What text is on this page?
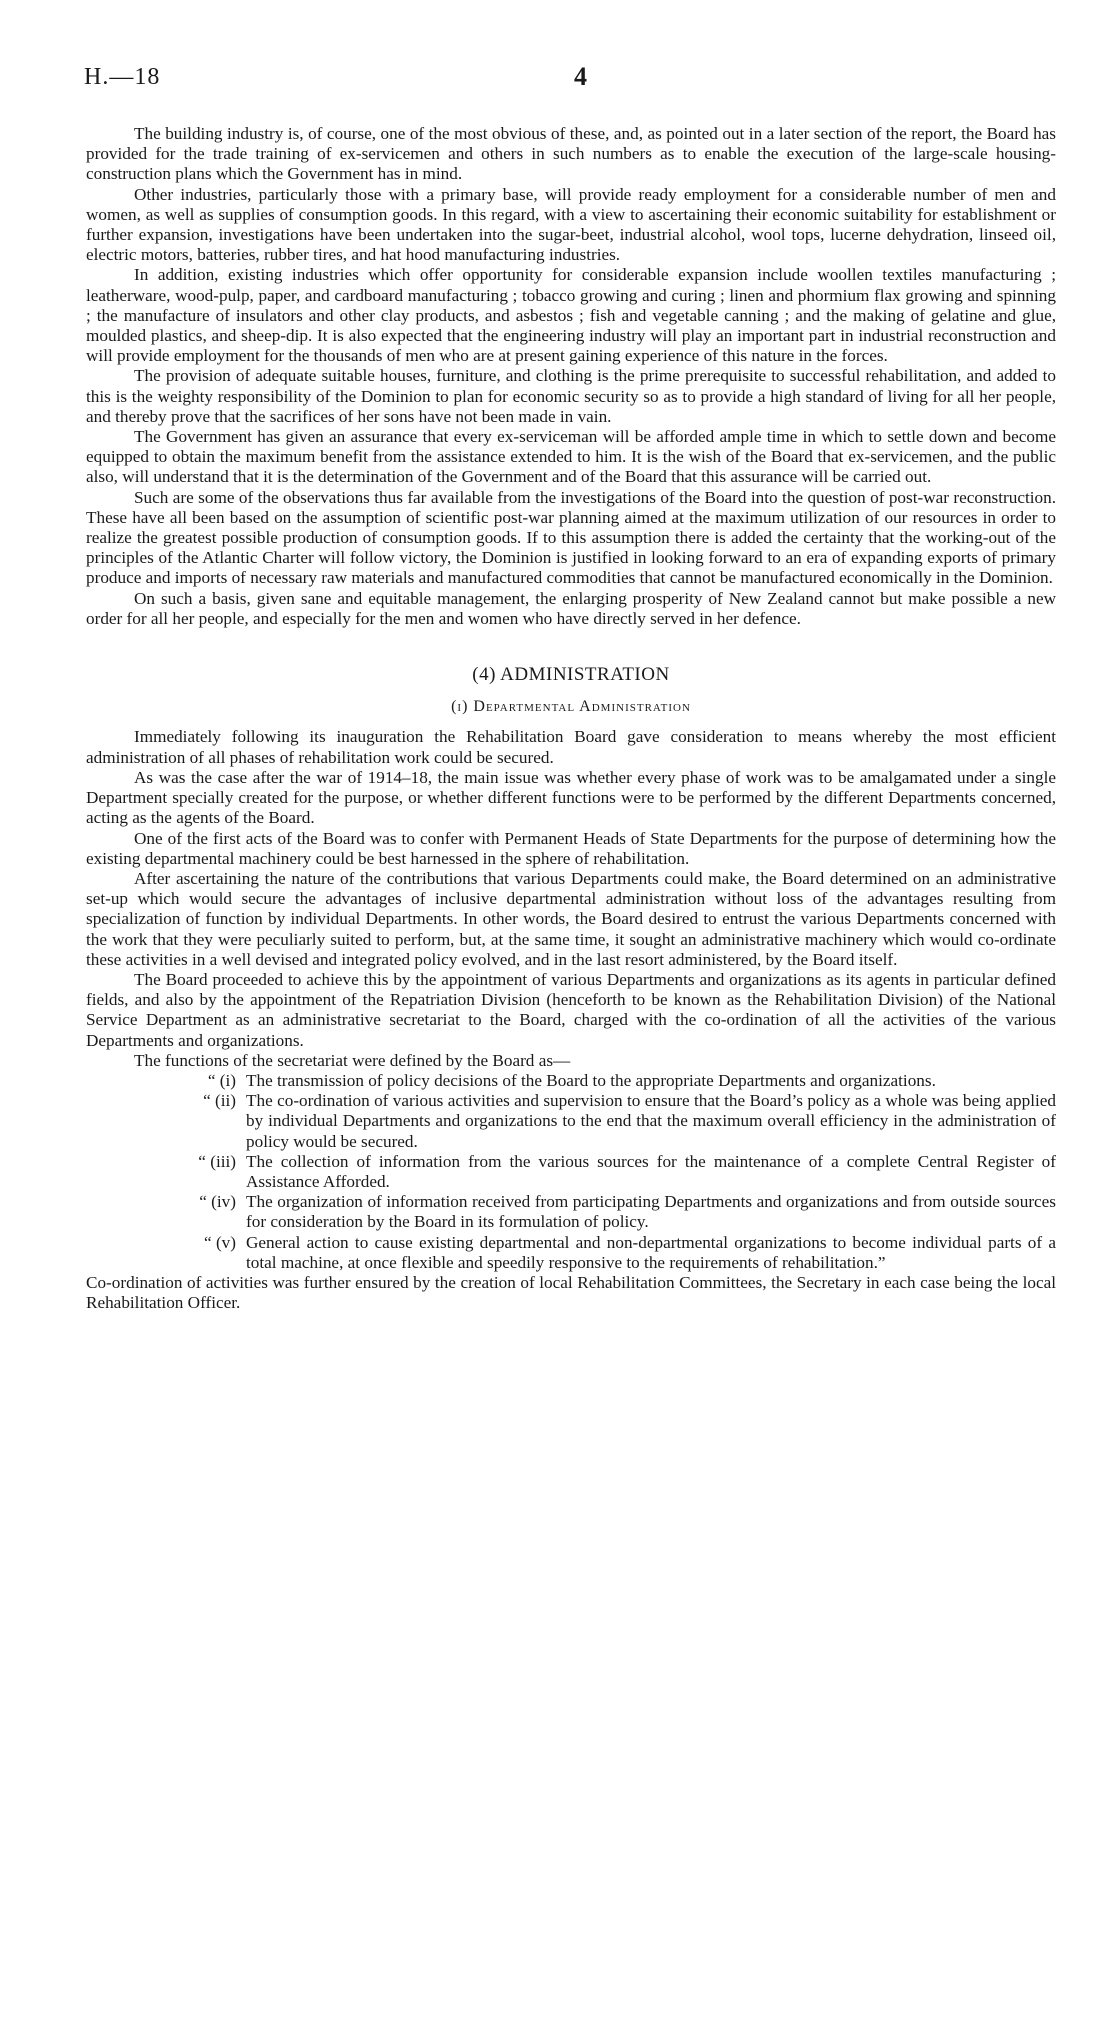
H.—18	4

The building industry is, of course, one of the most obvious of these, and, as pointed out in a later section of the report, the Board has provided for the trade training of ex-servicemen and others in such numbers as to enable the execution of the large-scale housing-construction plans which the Government has in mind.

Other industries, particularly those with a primary base, will provide ready employment for a considerable number of men and women, as well as supplies of consumption goods. In this regard, with a view to ascertaining their economic suitability for establishment or further expansion, investigations have been undertaken into the sugar-beet, industrial alcohol, wool tops, lucerne dehydration, linseed oil, electric motors, batteries, rubber tires, and hat hood manufacturing industries.

In addition, existing industries which offer opportunity for considerable expansion include woollen textiles manufacturing ; leatherware, wood-pulp, paper, and cardboard manufacturing ; tobacco growing and curing ; linen and phormium flax growing and spinning ; the manufacture of insulators and other clay products, and asbestos ; fish and vegetable canning ; and the making of gelatine and glue, moulded plastics, and sheep-dip. It is also expected that the engineering industry will play an important part in industrial reconstruction and will provide employment for the thousands of men who are at present gaining experience of this nature in the forces.

The provision of adequate suitable houses, furniture, and clothing is the prime prerequisite to successful rehabilitation, and added to this is the weighty responsibility of the Dominion to plan for economic security so as to provide a high standard of living for all her people, and thereby prove that the sacrifices of her sons have not been made in vain.

The Government has given an assurance that every ex-serviceman will be afforded ample time in which to settle down and become equipped to obtain the maximum benefit from the assistance extended to him. It is the wish of the Board that ex-servicemen, and the public also, will understand that it is the determination of the Government and of the Board that this assurance will be carried out.

Such are some of the observations thus far available from the investigations of the Board into the question of post-war reconstruction. These have all been based on the assumption of scientific post-war planning aimed at the maximum utilization of our resources in order to realize the greatest possible production of consumption goods. If to this assumption there is added the certainty that the working-out of the principles of the Atlantic Charter will follow victory, the Dominion is justified in looking forward to an era of expanding exports of primary produce and imports of necessary raw materials and manufactured commodities that cannot be manufactured economically in the Dominion.

On such a basis, given sane and equitable management, the enlarging prosperity of New Zealand cannot but make possible a new order for all her people, and especially for the men and women who have directly served in her defence.

(4) ADMINISTRATION
(i) Departmental Administration

Immediately following its inauguration the Rehabilitation Board gave consideration to means whereby the most efficient administration of all phases of rehabilitation work could be secured.

As was the case after the war of 1914–18, the main issue was whether every phase of work was to be amalgamated under a single Department specially created for the purpose, or whether different functions were to be performed by the different Departments concerned, acting as the agents of the Board.

One of the first acts of the Board was to confer with Permanent Heads of State Departments for the purpose of determining how the existing departmental machinery could be best harnessed in the sphere of rehabilitation.

After ascertaining the nature of the contributions that various Departments could make, the Board determined on an administrative set-up which would secure the advantages of inclusive departmental administration without loss of the advantages resulting from specialization of function by individual Departments. In other words, the Board desired to entrust the various Departments concerned with the work that they were peculiarly suited to perform, but, at the same time, it sought an administrative machinery which would co-ordinate these activities in a well devised and integrated policy evolved, and in the last resort administered, by the Board itself.

The Board proceeded to achieve this by the appointment of various Departments and organizations as its agents in particular defined fields, and also by the appointment of the Repatriation Division (henceforth to be known as the Rehabilitation Division) of the National Service Department as an administrative secretariat to the Board, charged with the co-ordination of all the activities of the various Departments and organizations.

The functions of the secretariat were defined by the Board as—

“ (i) The transmission of policy decisions of the Board to the appropriate Departments and organizations.
“ (ii) The co-ordination of various activities and supervision to ensure that the Board’s policy as a whole was being applied by individual Departments and organizations to the end that the maximum overall efficiency in the administration of policy would be secured.
“ (iii) The collection of information from the various sources for the maintenance of a complete Central Register of Assistance Afforded.
“ (iv) The organization of information received from participating Departments and organizations and from outside sources for consideration by the Board in its formulation of policy.
“ (v) General action to cause existing departmental and non-departmental organizations to become individual parts of a total machine, at once flexible and speedily responsive to the requirements of rehabilitation.”

Co-ordination of activities was further ensured by the creation of local Rehabilitation Committees, the Secretary in each case being the local Rehabilitation Officer.
